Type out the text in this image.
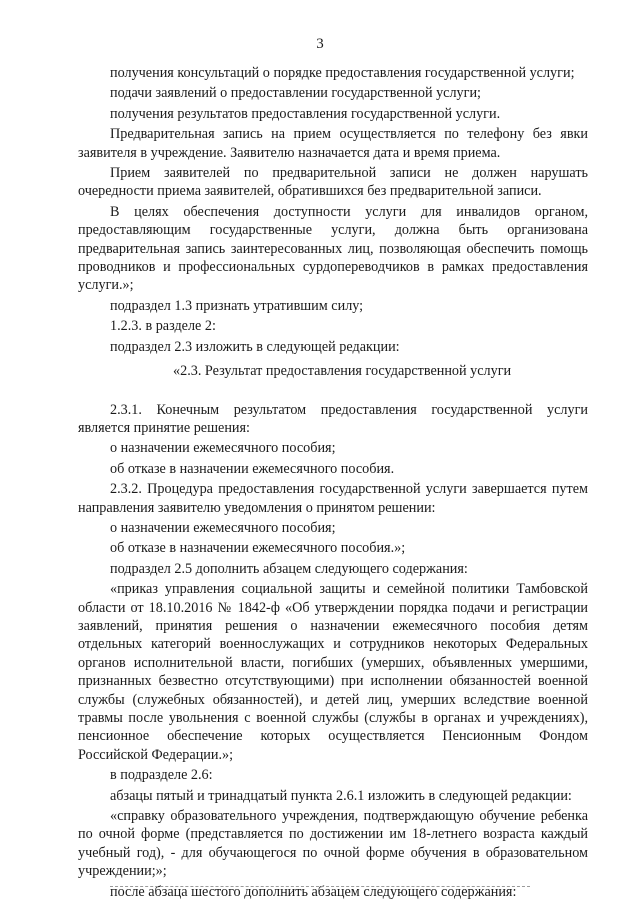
3

получения консультаций о порядке предоставления государственной услуги;

подачи заявлений о предоставлении государственной услуги;

получения результатов предоставления государственной услуги.

Предварительная запись на прием осуществляется по телефону без явки заявителя в учреждение. Заявителю назначается дата и время приема.

Прием заявителей по предварительной записи не должен нарушать очередности приема заявителей, обратившихся без предварительной записи.

В целях обеспечения доступности услуги для инвалидов органом, предоставляющим государственные услуги, должна быть организована предварительная запись заинтересованных лиц, позволяющая обеспечить помощь проводников и профессиональных сурдопереводчиков в рамках предоставления услуги.»;

подраздел 1.3 признать утратившим силу;

1.2.3. в разделе 2:

подраздел 2.3 изложить в следующей редакции:

«2.3. Результат предоставления государственной услуги

2.3.1. Конечным результатом предоставления государственной услуги является принятие решения:

о назначении ежемесячного пособия;

об отказе в назначении ежемесячного пособия.

2.3.2. Процедура предоставления государственной услуги завершается путем направления заявителю уведомления о принятом решении:

о назначении ежемесячного пособия;

об отказе в назначении ежемесячного пособия.»;

подраздел 2.5 дополнить абзацем следующего содержания:

«приказ управления социальной защиты и семейной политики Тамбовской области от 18.10.2016 № 1842-ф «Об утверждении порядка подачи и регистрации заявлений, принятия решения о назначении ежемесячного пособия детям отдельных категорий военнослужащих и сотрудников некоторых Федеральных органов исполнительной власти, погибших (умерших, объявленных умершими, признанных безвестно отсутствующими) при исполнении обязанностей военной службы (служебных обязанностей), и детей лиц, умерших вследствие военной травмы после увольнения с военной службы (службы в органах и учреждениях), пенсионное обеспечение которых осуществляется Пенсионным Фондом Российской Федерации.»;

в подразделе 2.6:

абзацы пятый и тринадцатый пункта 2.6.1 изложить в следующей редакции:

«справку образовательного учреждения, подтверждающую обучение ребенка по очной форме (представляется по достижении им 18-летнего возраста каждый учебный год), - для обучающегося по очной форме обучения в образовательном учреждении;»;

после абзаца шестого дополнить абзацем следующего содержания:
